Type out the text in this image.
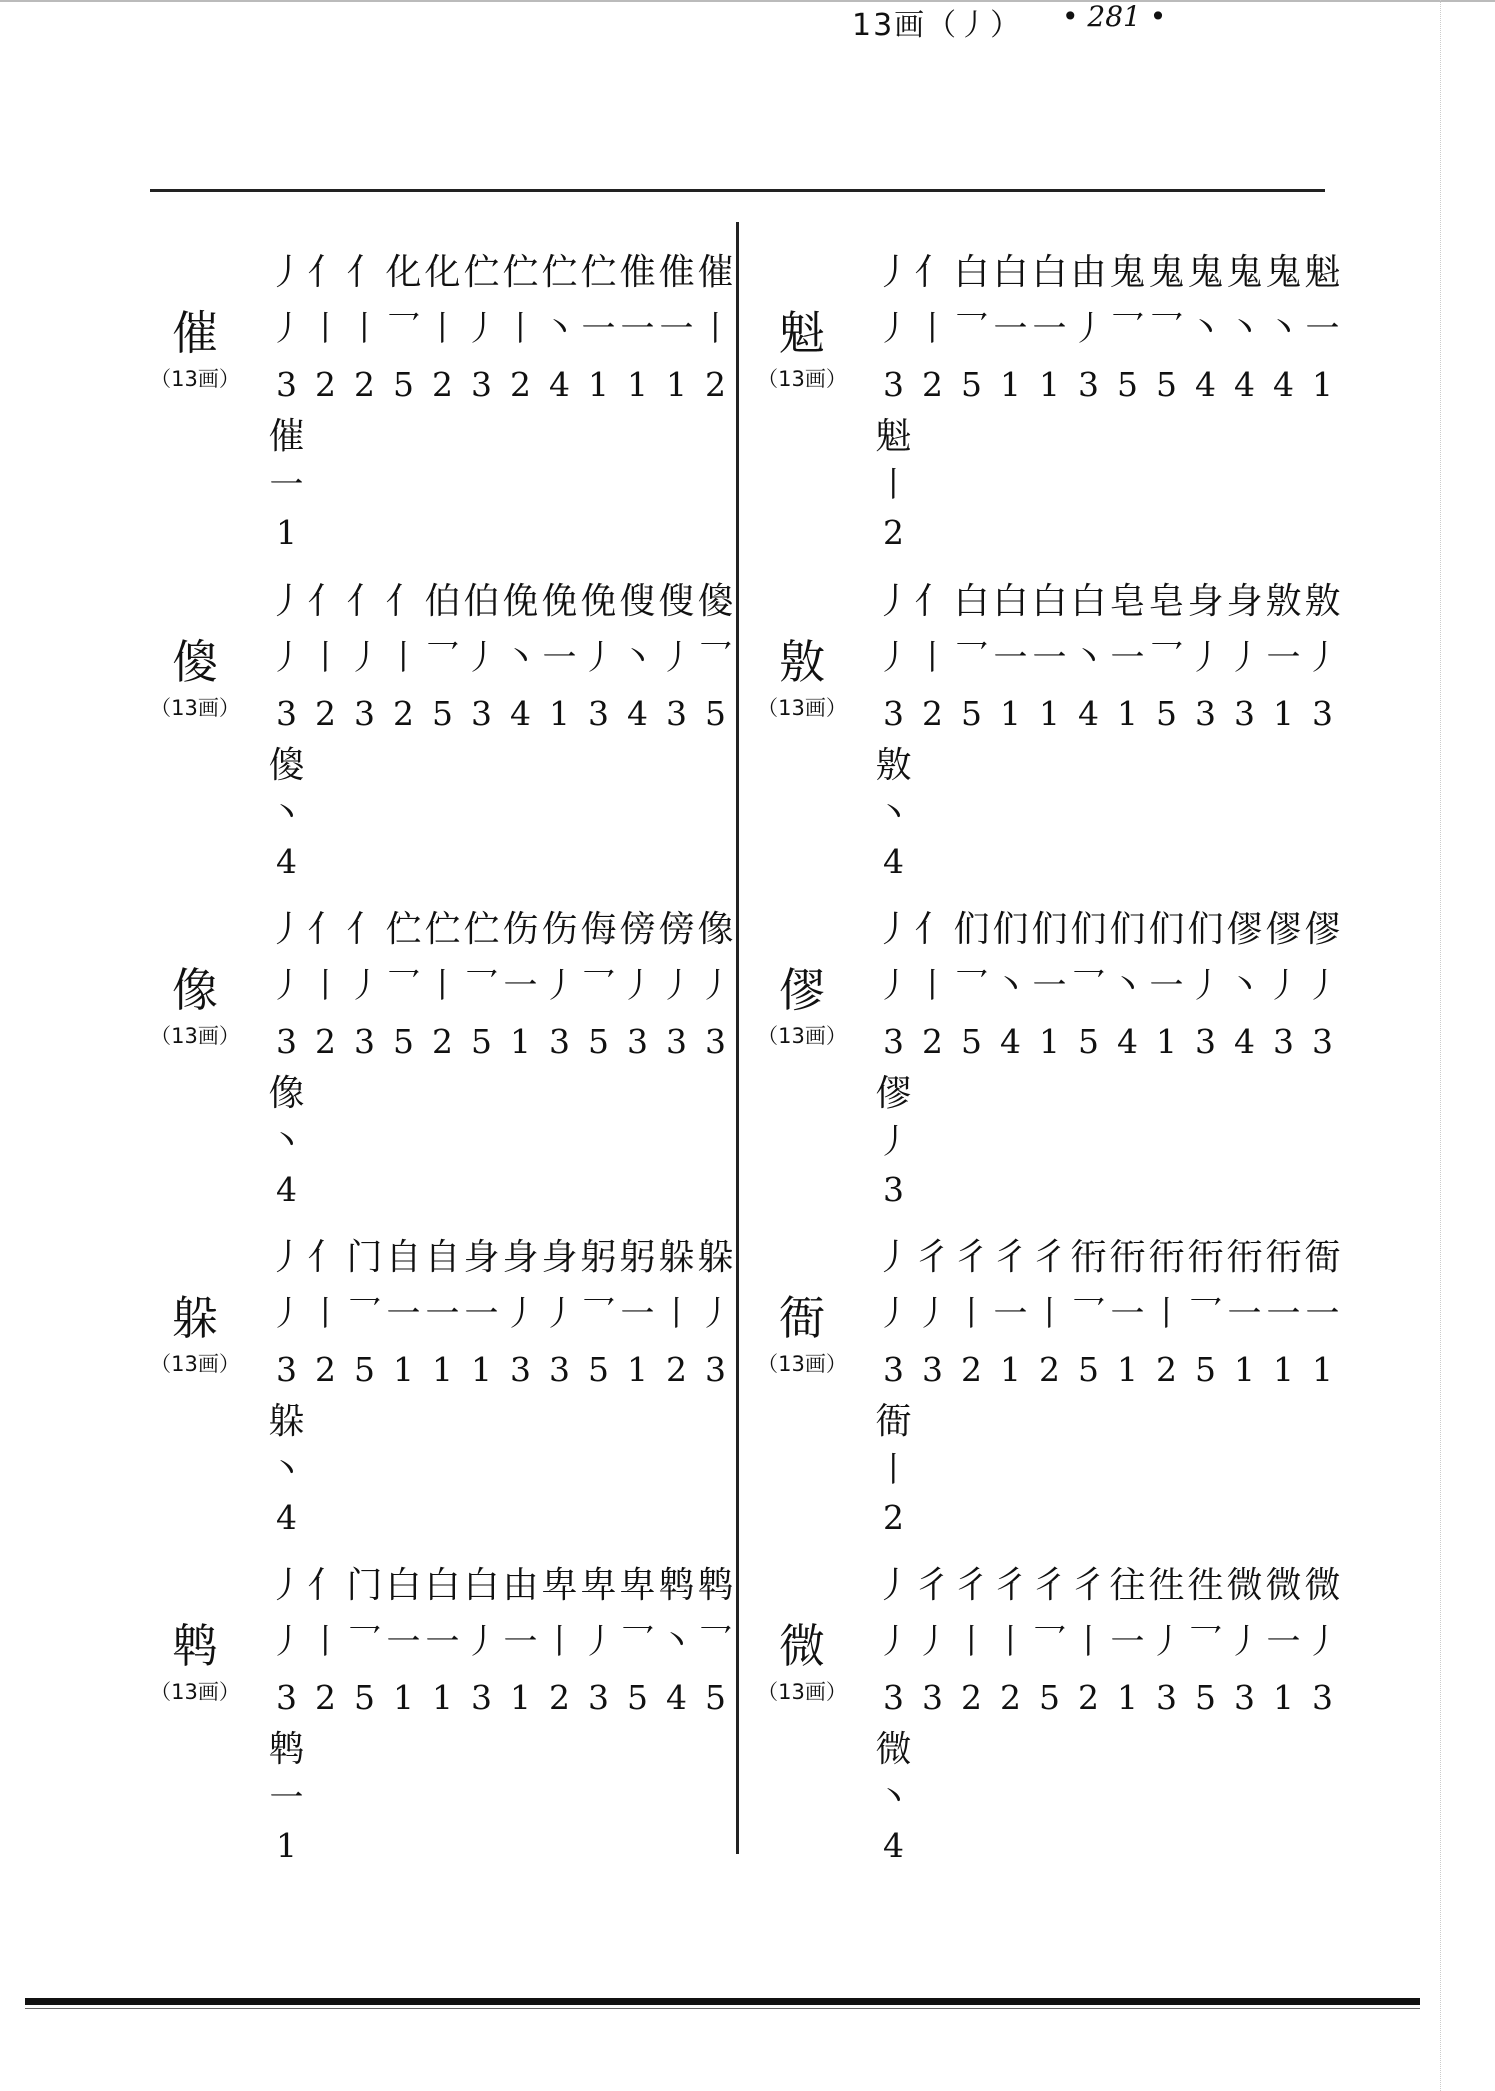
13画（丿） • 281 •
催
（13画）
丿亻亻化化伫伫伫伫倠倠催
丿 丨 丨 乛 丨 丿 丨 丶 一 一 一 丨
3 2 2 5 2 3 2 4 1 1 1 2
催
一
1
傻
（13画）
丿亻亻亻伯伯俛俛俛傁傁傻
丿 丨 丿 丨 乛 丿 丶 一 丿 丶 丿 乛
3 2 3 2 5 3 4 1 3 4 3 5
傻
丶
4
像
（13画）
丿亻亻伫伫伫伤伤侮傍傍像
丿 丨 丿 乛 丨 乛 一 丿 乛 丿 丿 丿
3 2 3 5 2 5 1 3 5 3 3 3
像
丶
4
躲
（13画）
丿亻门自自身身身躬躬躲躲
丿 丨 乛 一 一 一 丿 丿 乛 一 丨 丿
3 2 5 1 1 1 3 3 5 1 2 3
躲
丶
4
鹎
（13画）
丿亻门白白白由卑卑卑鹎鹎
丿 丨 乛 一 一 丿 一 丨 丿 乛 丶 乛
3 2 5 1 1 3 1 2 3 5 4 5
鹎
一
1
魁
（13画）
丿亻白白白由鬼鬼鬼鬼鬼魁
丿 丨 乛 一 一 丿 乛 乛 丶 丶 丶 一
3 2 5 1 1 3 5 5 4 4 4 1
魁
丨
2
敫
（13画）
丿亻白白白白皂皂身身敫敫
丿 丨 乛 一 一 丶 一 乛 丿 丿 一 丿
3 2 5 1 1 4 1 5 3 3 1 3
敫
丶
4
僇
（13画）
丿亻们们们们们们们僇僇僇
丿 丨 乛 丶 一 乛 丶 一 丿 丶 丿 丿
3 2 5 4 1 5 4 1 3 4 3 3
僇
丿
3
衙
（13画）
丿彳彳彳彳衎衎衎衎衎衎衙
丿 丿 丨 一 丨 乛 一 丨 乛 一 一 一
3 3 2 1 2 5 1 2 5 1 1 1
衙
丨
2
微
（13画）
丿彳彳彳彳彳往徃徃微微微
丿 丿 丨 丨 乛 丨 一 丿 乛 丿 一 丿
3 3 2 2 5 2 1 3 5 3 1 3
微
丶
4
